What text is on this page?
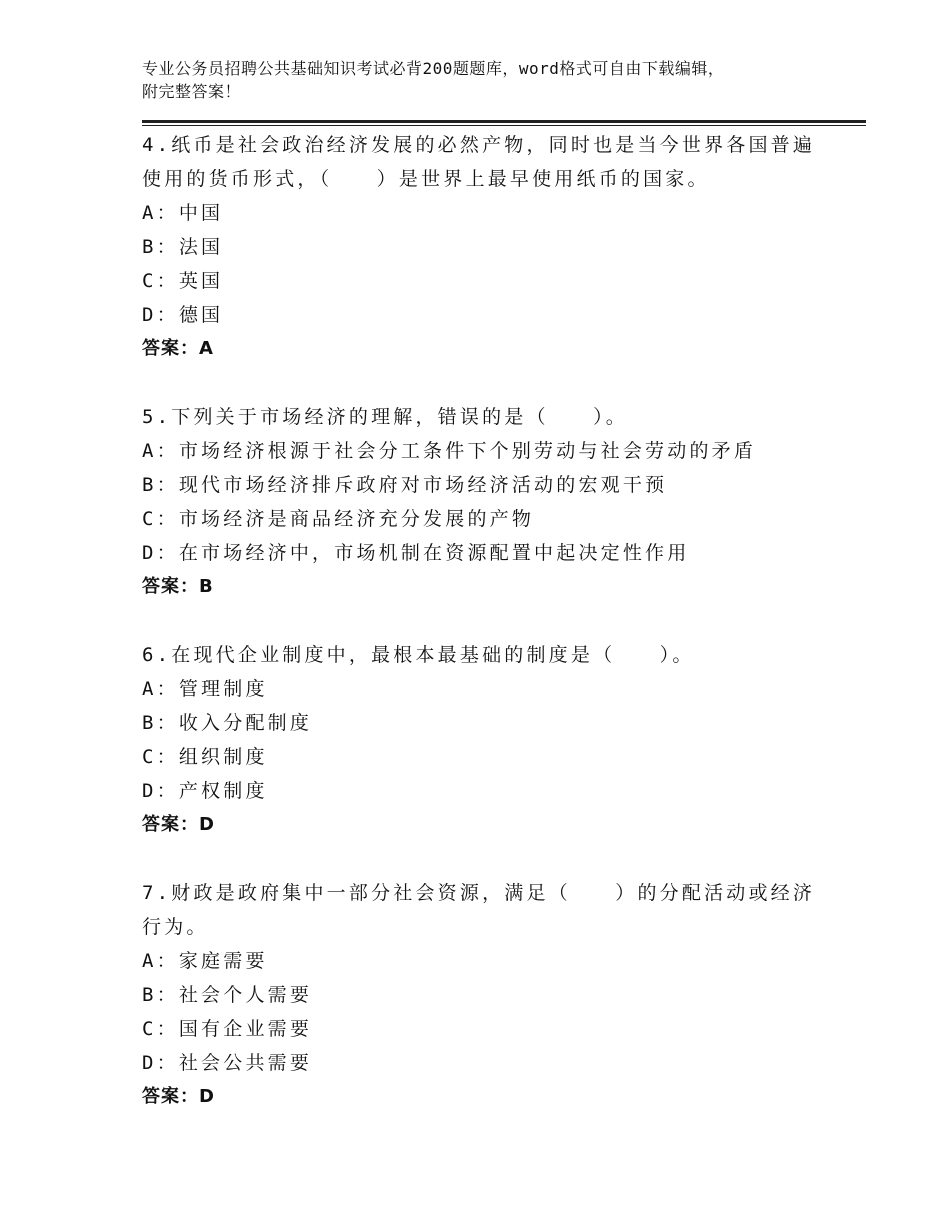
专业公务员招聘公共基础知识考试必背200题题库，word格式可自由下载编辑，
附完整答案！
4.纸币是社会政治经济发展的必然产物，同时也是当今世界各国普遍
使用的货币形式，（　　）是世界上最早使用纸币的国家。
A：中国
B：法国
C：英国
D：德国
答案：A
5.下列关于市场经济的理解，错误的是（　　）。
A：市场经济根源于社会分工条件下个别劳动与社会劳动的矛盾
B：现代市场经济排斥政府对市场经济活动的宏观干预
C：市场经济是商品经济充分发展的产物
D：在市场经济中，市场机制在资源配置中起决定性作用
答案：B
6.在现代企业制度中，最根本最基础的制度是（　　）。
A：管理制度
B：收入分配制度
C：组织制度
D：产权制度
答案：D
7.财政是政府集中一部分社会资源，满足（　　）的分配活动或经济
行为。
A：家庭需要
B：社会个人需要
C：国有企业需要
D：社会公共需要
答案：D
